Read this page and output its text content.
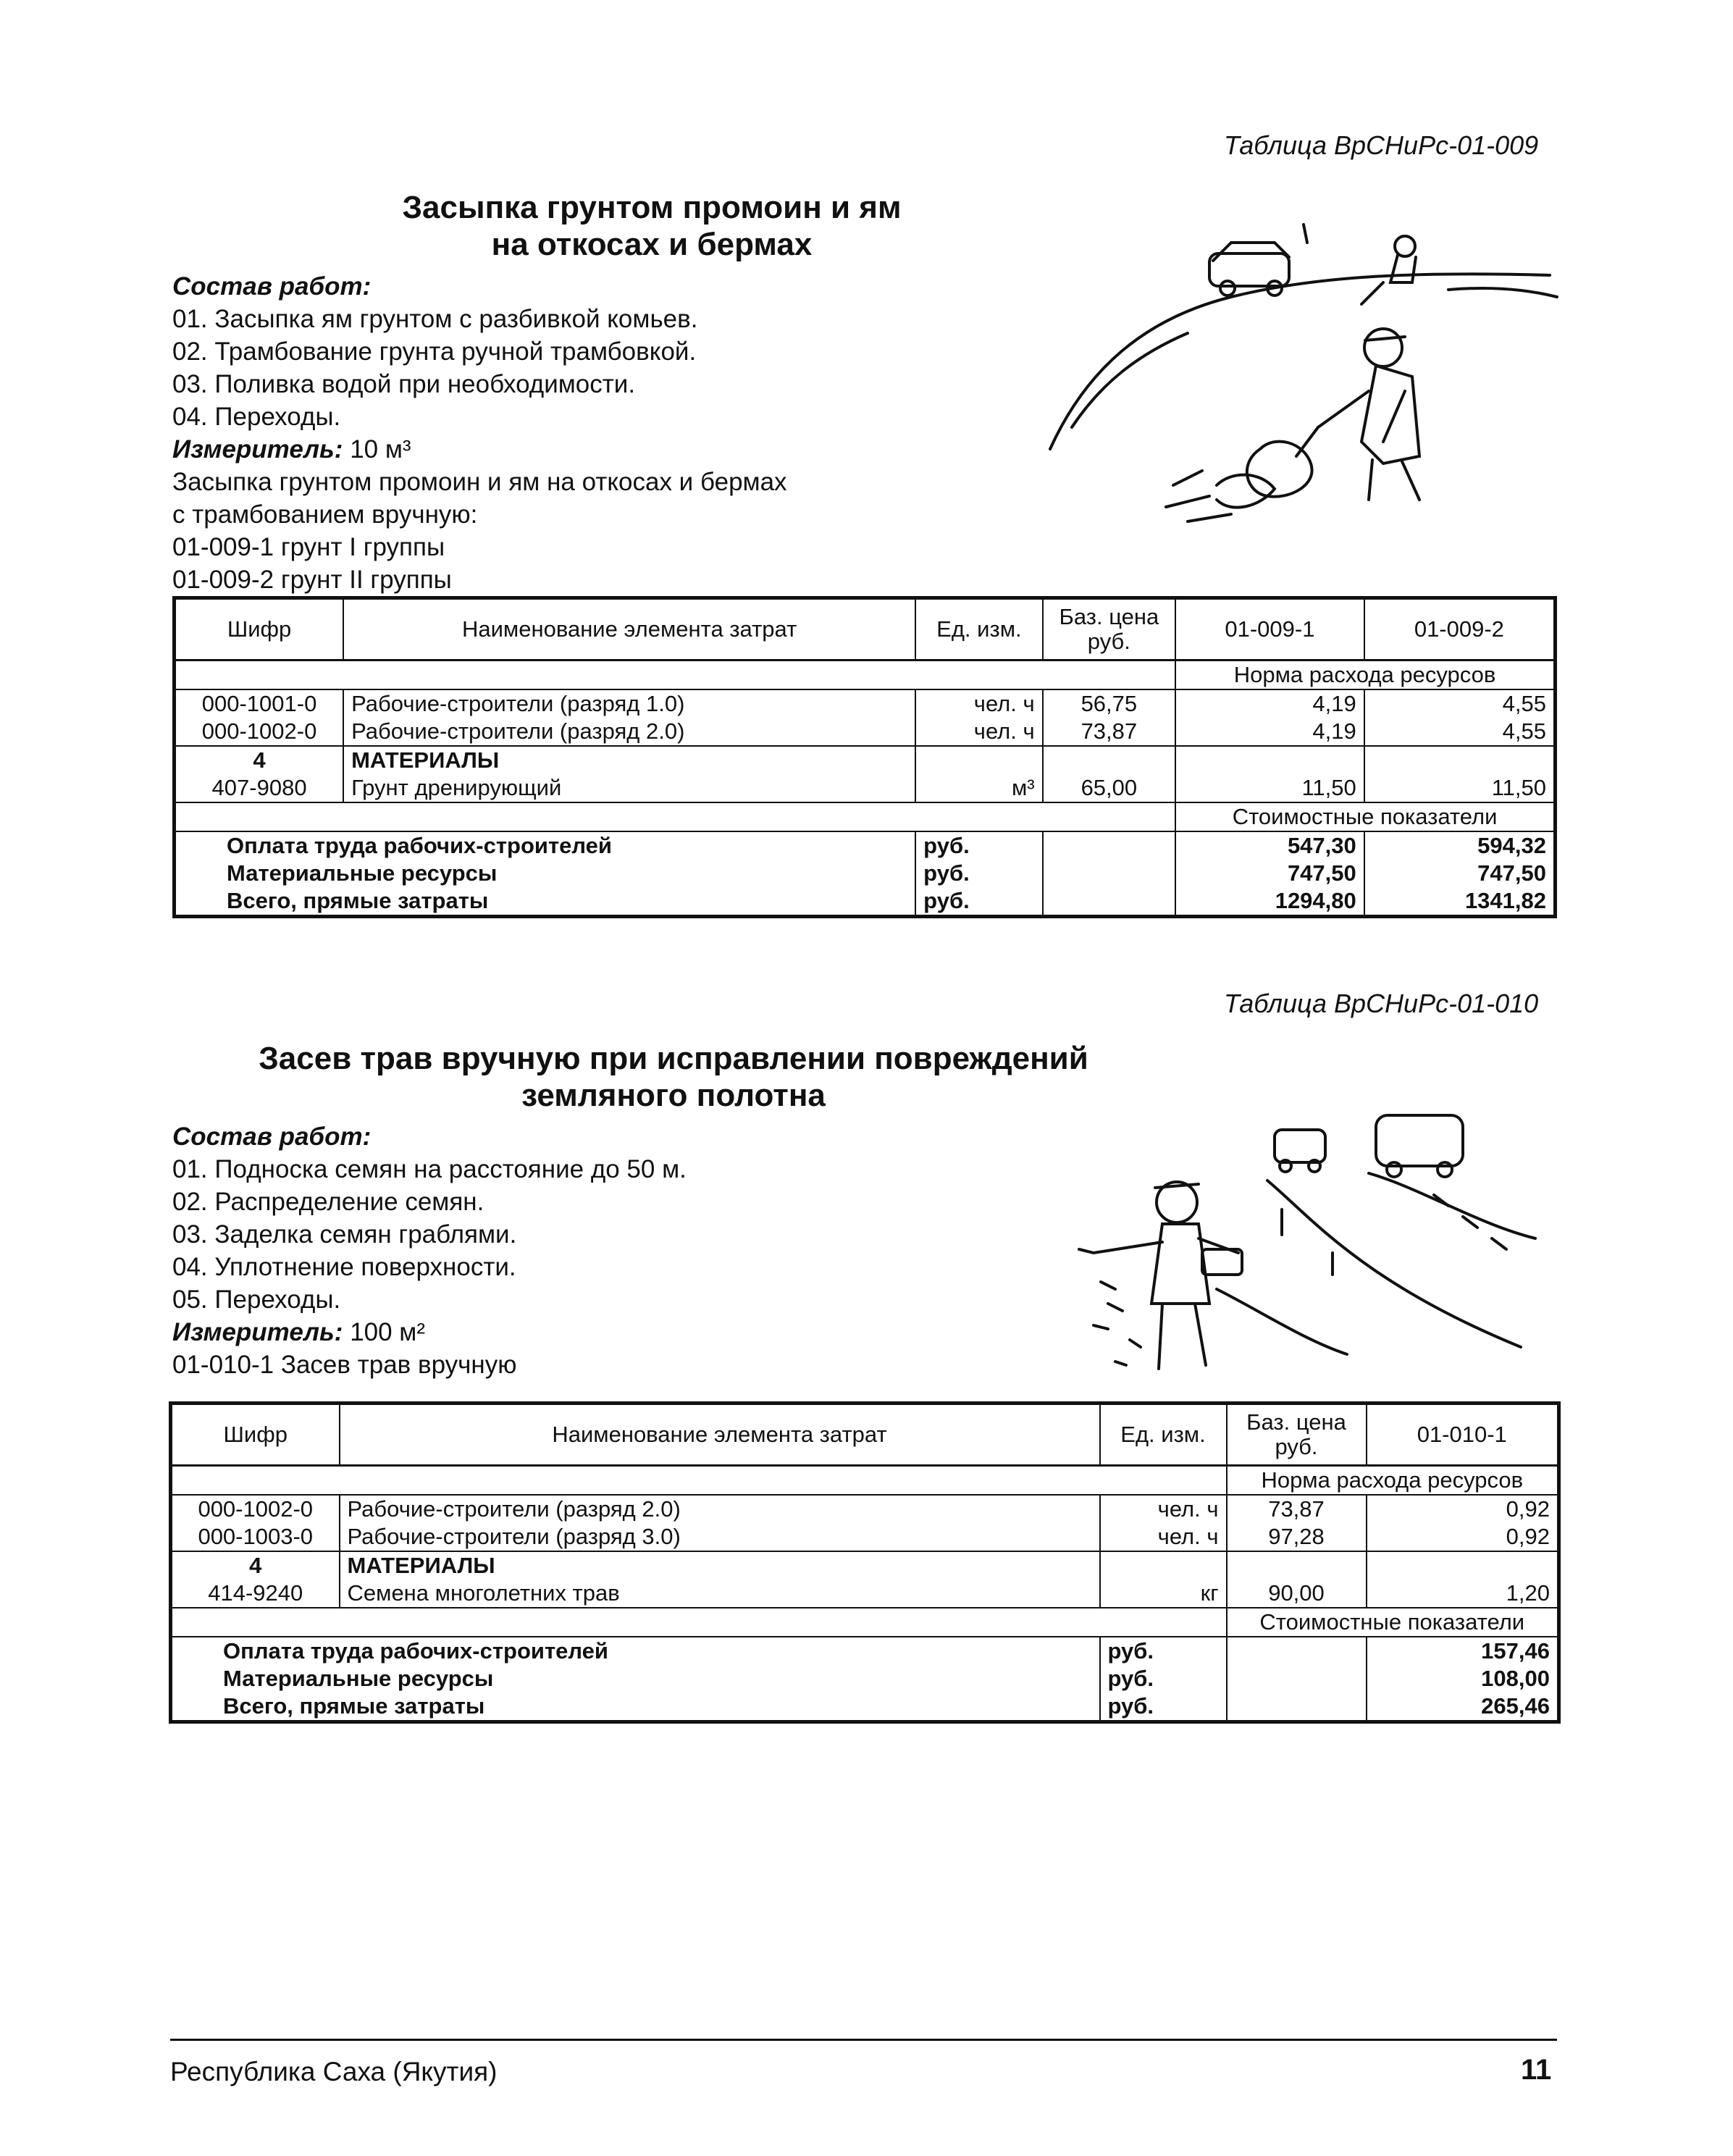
Таблица ВрСНиРс-01-009
Засыпка грунтом промоин и ям
на откосах и бермах
Состав работ:
01. Засыпка ям грунтом с разбивкой комьев.
02. Трамбование грунта ручной трамбовкой.
03. Поливка водой при необходимости.
04. Переходы.
Измеритель: 10 м³
Засыпка грунтом промоин и ям на откосах и бермах
с трамбованием вручную:
01-009-1 грунт I группы
01-009-2 грунт II группы
Шифр	Наименование элемента затрат	Ед. изм.	Баз. цена руб.	01-009-1	01-009-2
				Норма расхода ресурсов	
000-1001-0	Рабочие-строители (разряд 1.0)	чел. ч	56,75	4,19	4,55
000-1002-0	Рабочие-строители (разряд 2.0)	чел. ч	73,87	4,19	4,55
4	МАТЕРИАЛЫ				
407-9080	Грунт дренирующий	м³	65,00	11,50	11,50
				Стоимостные показатели	
Оплата труда рабочих-строителей		руб.		547,30	594,32
Материальные ресурсы		руб.		747,50	747,50
Всего, прямые затраты		руб.		1294,80	1341,82
Таблица ВрСНиРс-01-010
Засев трав вручную при исправлении повреждений
земляного полотна
Состав работ:
01. Подноска семян на расстояние до 50 м.
02. Распределение семян.
03. Заделка семян граблями.
04. Уплотнение поверхности.
05. Переходы.
Измеритель: 100 м²
01-010-1 Засев трав вручную
Шифр	Наименование элемента затрат	Ед. изм.	Баз. цена руб.	01-010-1
			Норма расхода ресурсов	
000-1002-0	Рабочие-строители (разряд 2.0)	чел. ч	73,87	0,92
000-1003-0	Рабочие-строители (разряд 3.0)	чел. ч	97,28	0,92
4	МАТЕРИАЛЫ			
414-9240	Семена многолетних трав	кг	90,00	1,20
			Стоимостные показатели	
Оплата труда рабочих-строителей		руб.		157,46
Материальные ресурсы		руб.		108,00
Всего, прямые затраты		руб.		265,46
Республика Саха (Якутия)	11
